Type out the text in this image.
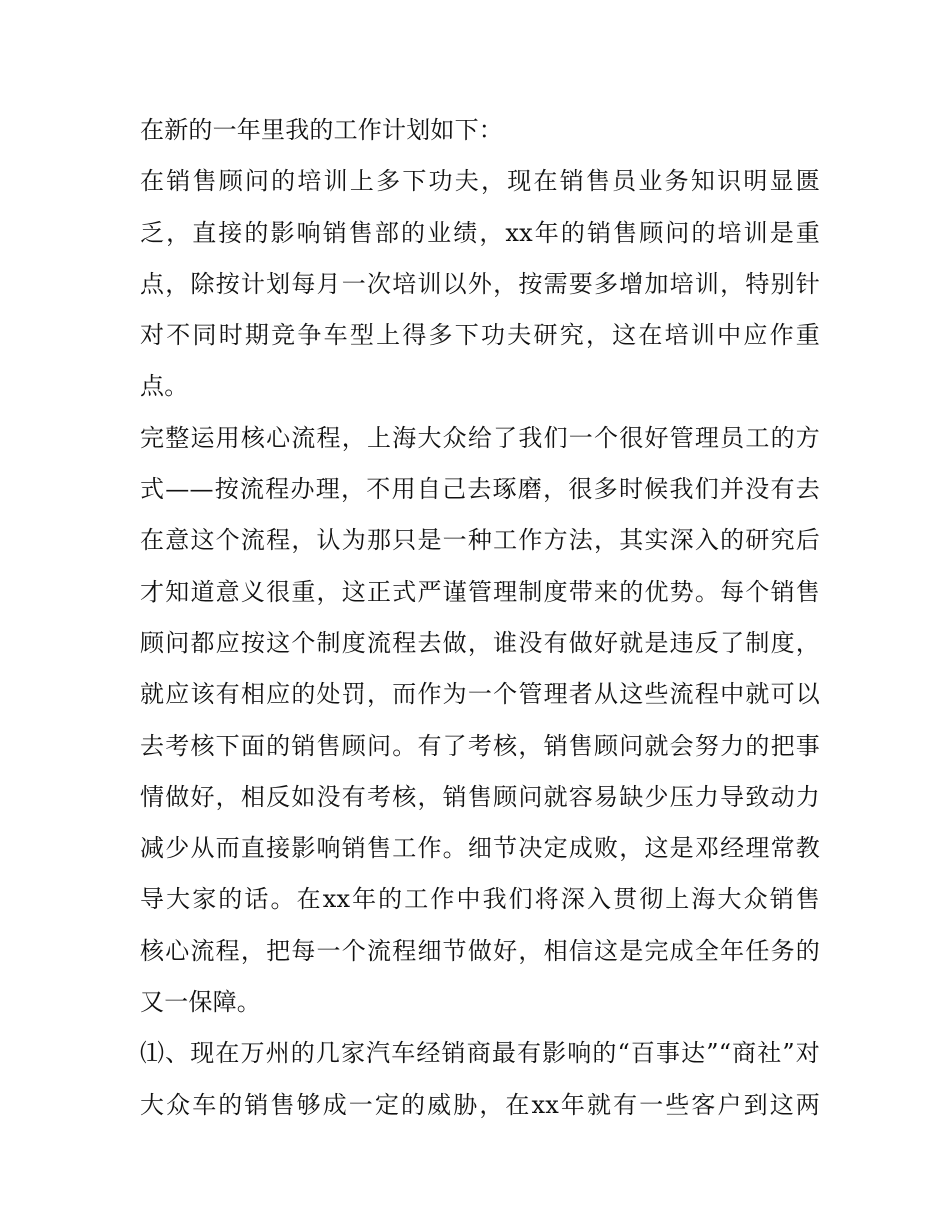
在新的一年里我的工作计划如下：
在销售顾问的培训上多下功夫，现在销售员业务知识明显匮
乏，直接的影响销售部的业绩，xx年的销售顾问的培训是重
点，除按计划每月一次培训以外，按需要多增加培训，特别针
对不同时期竞争车型上得多下功夫研究，这在培训中应作重
点。
完整运用核心流程，上海大众给了我们一个很好管理员工的方
式——按流程办理，不用自己去琢磨，很多时候我们并没有去
在意这个流程，认为那只是一种工作方法，其实深入的研究后
才知道意义很重，这正式严谨管理制度带来的优势。每个销售
顾问都应按这个制度流程去做，谁没有做好就是违反了制度，
就应该有相应的处罚，而作为一个管理者从这些流程中就可以
去考核下面的销售顾问。有了考核，销售顾问就会努力的把事
情做好，相反如没有考核，销售顾问就容易缺少压力导致动力
减少从而直接影响销售工作。细节决定成败，这是邓经理常教
导大家的话。在xx年的工作中我们将深入贯彻上海大众销售
核心流程，把每一个流程细节做好，相信这是完成全年任务的
又一保障。
⑴、现在万州的几家汽车经销商最有影响的“百事达”“商社”对
大众车的销售够成一定的威胁，在xx年就有一些客户到这两
